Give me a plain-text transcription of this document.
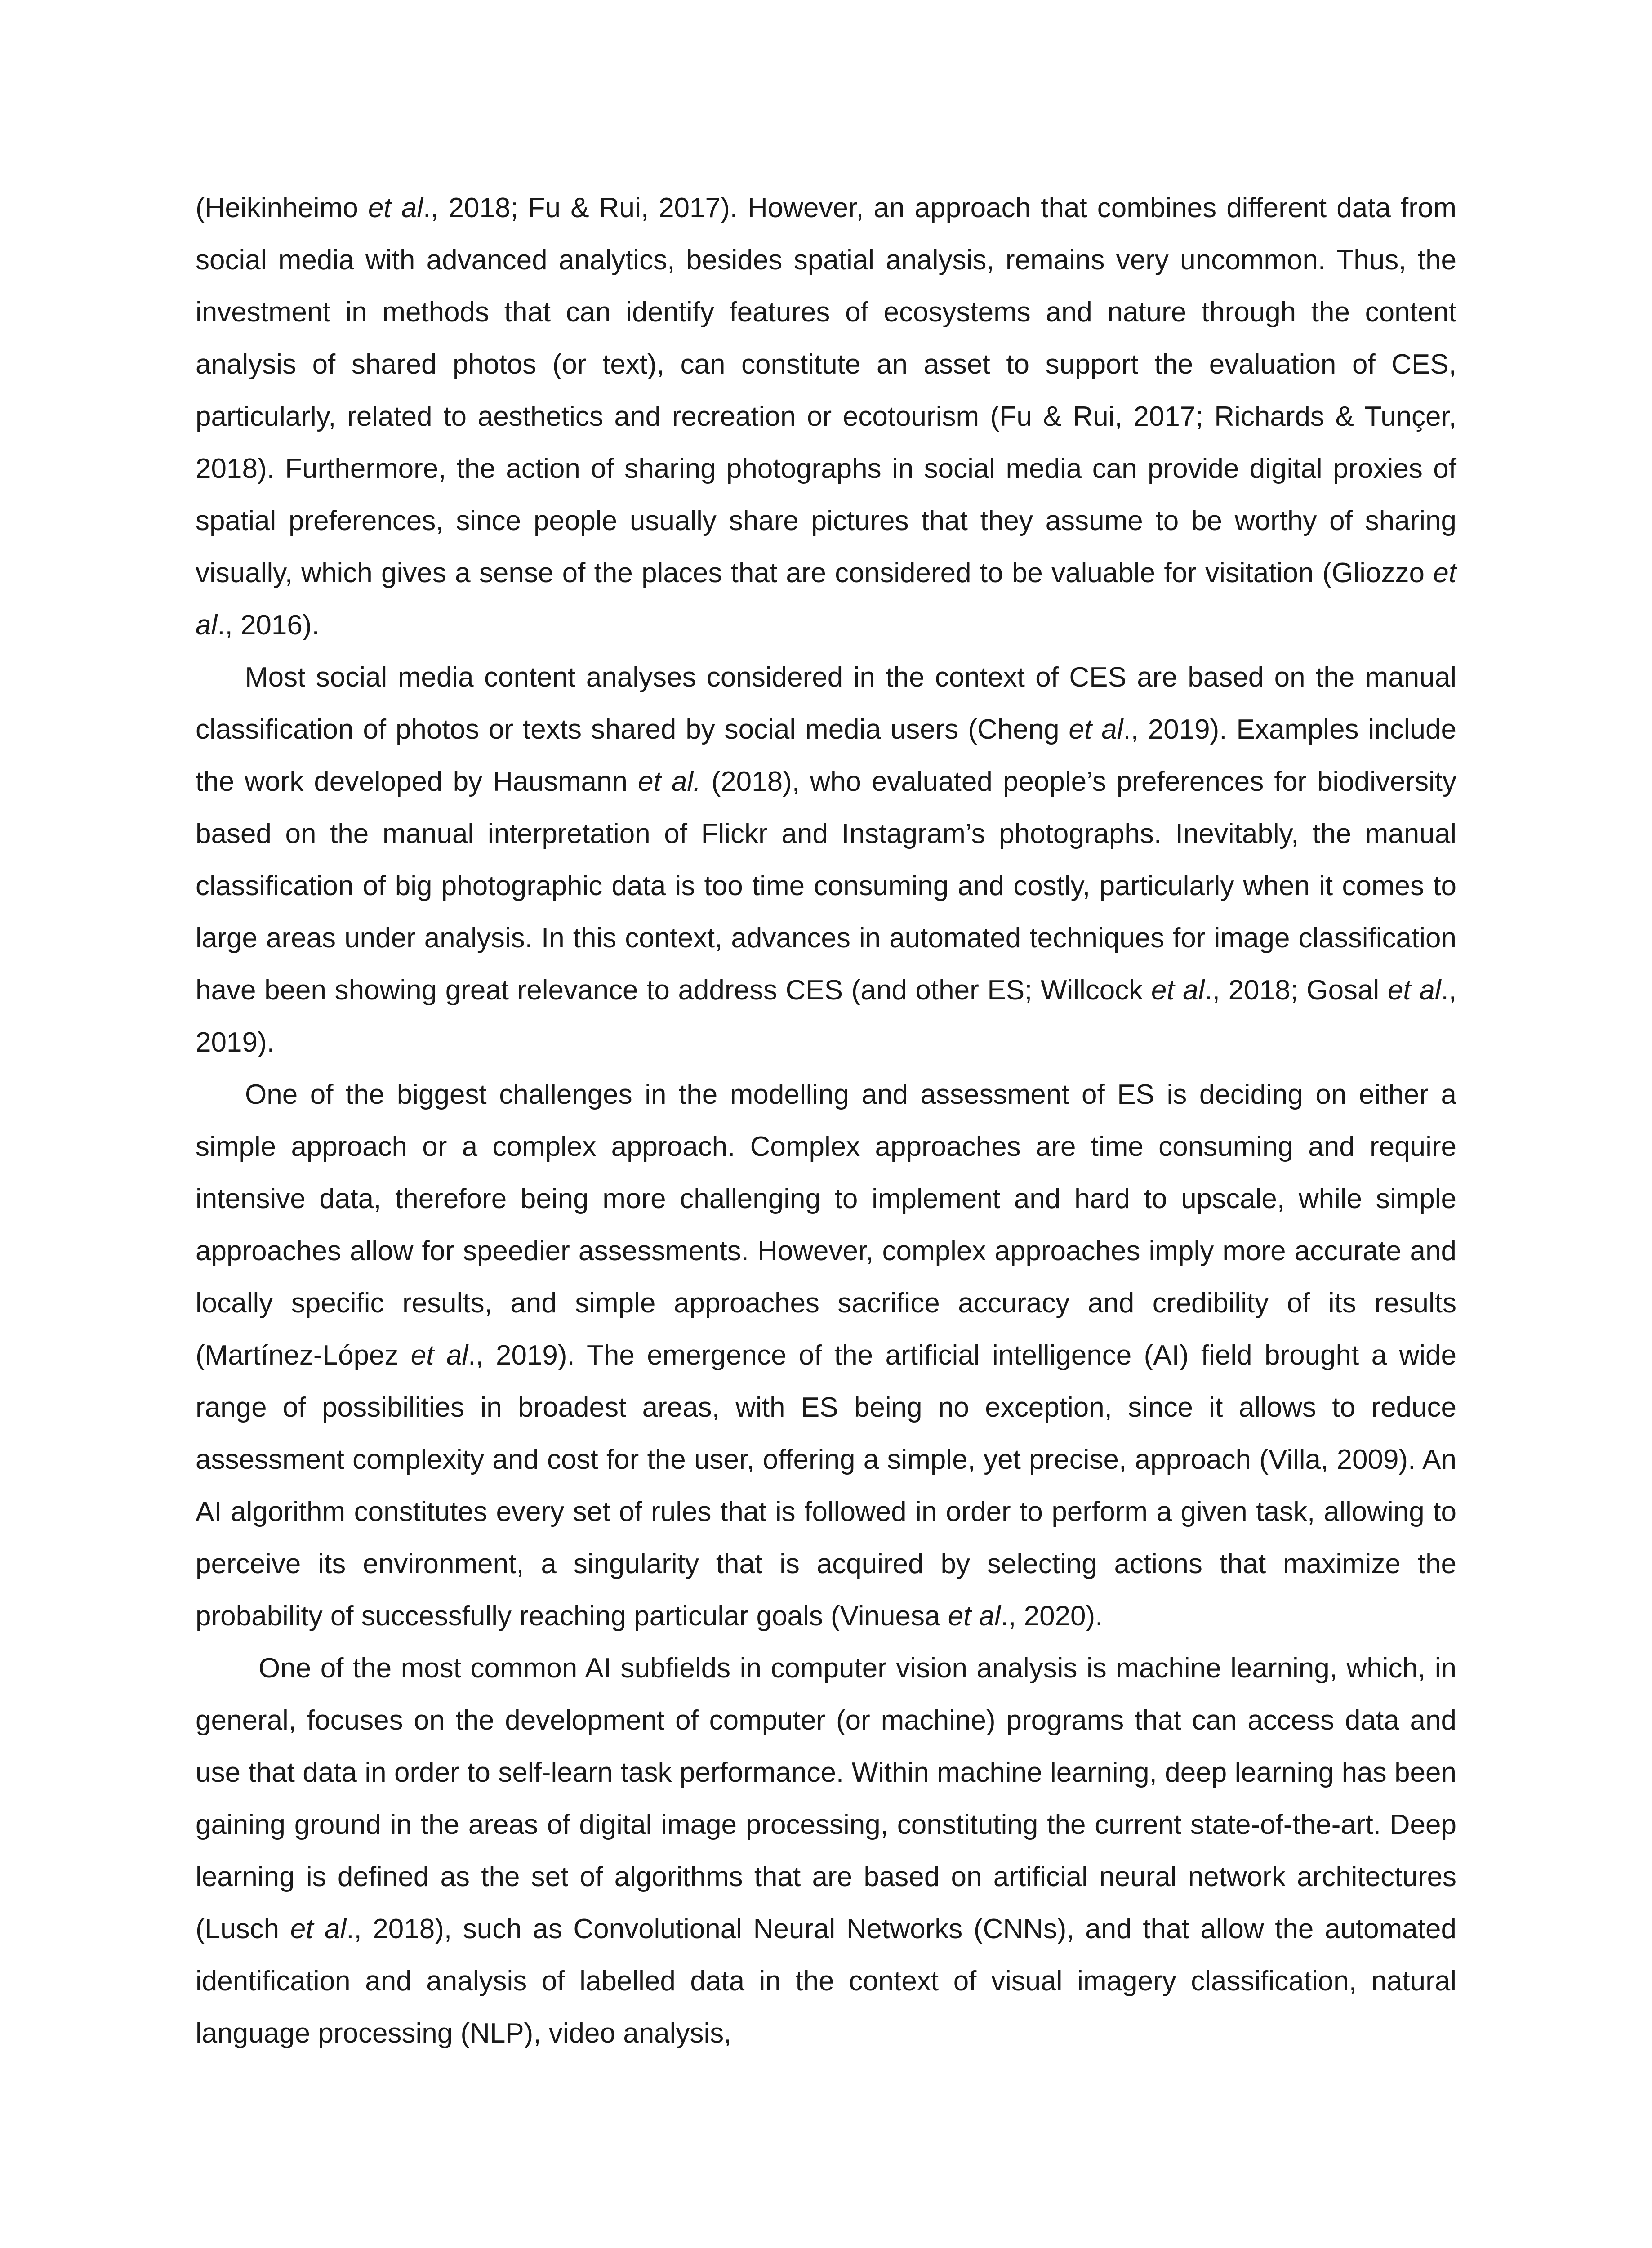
(Heikinheimo et al., 2018; Fu & Rui, 2017). However, an approach that combines different data from social media with advanced analytics, besides spatial analysis, remains very uncommon. Thus, the investment in methods that can identify features of ecosystems and nature through the content analysis of shared photos (or text), can constitute an asset to support the evaluation of CES, particularly, related to aesthetics and recreation or ecotourism (Fu & Rui, 2017; Richards & Tunçer, 2018). Furthermore, the action of sharing photographs in social media can provide digital proxies of spatial preferences, since people usually share pictures that they assume to be worthy of sharing visually, which gives a sense of the places that are considered to be valuable for visitation (Gliozzo et al., 2016).

Most social media content analyses considered in the context of CES are based on the manual classification of photos or texts shared by social media users (Cheng et al., 2019). Examples include the work developed by Hausmann et al. (2018), who evaluated people’s preferences for biodiversity based on the manual interpretation of Flickr and Instagram’s photographs. Inevitably, the manual classification of big photographic data is too time consuming and costly, particularly when it comes to large areas under analysis. In this context, advances in automated techniques for image classification have been showing great relevance to address CES (and other ES; Willcock et al., 2018; Gosal et al., 2019).

One of the biggest challenges in the modelling and assessment of ES is deciding on either a simple approach or a complex approach. Complex approaches are time consuming and require intensive data, therefore being more challenging to implement and hard to upscale, while simple approaches allow for speedier assessments. However, complex approaches imply more accurate and locally specific results, and simple approaches sacrifice accuracy and credibility of its results (Martínez-López et al., 2019). The emergence of the artificial intelligence (AI) field brought a wide range of possibilities in broadest areas, with ES being no exception, since it allows to reduce assessment complexity and cost for the user, offering a simple, yet precise, approach (Villa, 2009). An AI algorithm constitutes every set of rules that is followed in order to perform a given task, allowing to perceive its environment, a singularity that is acquired by selecting actions that maximize the probability of successfully reaching particular goals (Vinuesa et al., 2020).

One of the most common AI subfields in computer vision analysis is machine learning, which, in general, focuses on the development of computer (or machine) programs that can access data and use that data in order to self-learn task performance. Within machine learning, deep learning has been gaining ground in the areas of digital image processing, constituting the current state-of-the-art. Deep learning is defined as the set of algorithms that are based on artificial neural network architectures (Lusch et al., 2018), such as Convolutional Neural Networks (CNNs), and that allow the automated identification and analysis of labelled data in the context of visual imagery classification, natural language processing (NLP), video analysis,
